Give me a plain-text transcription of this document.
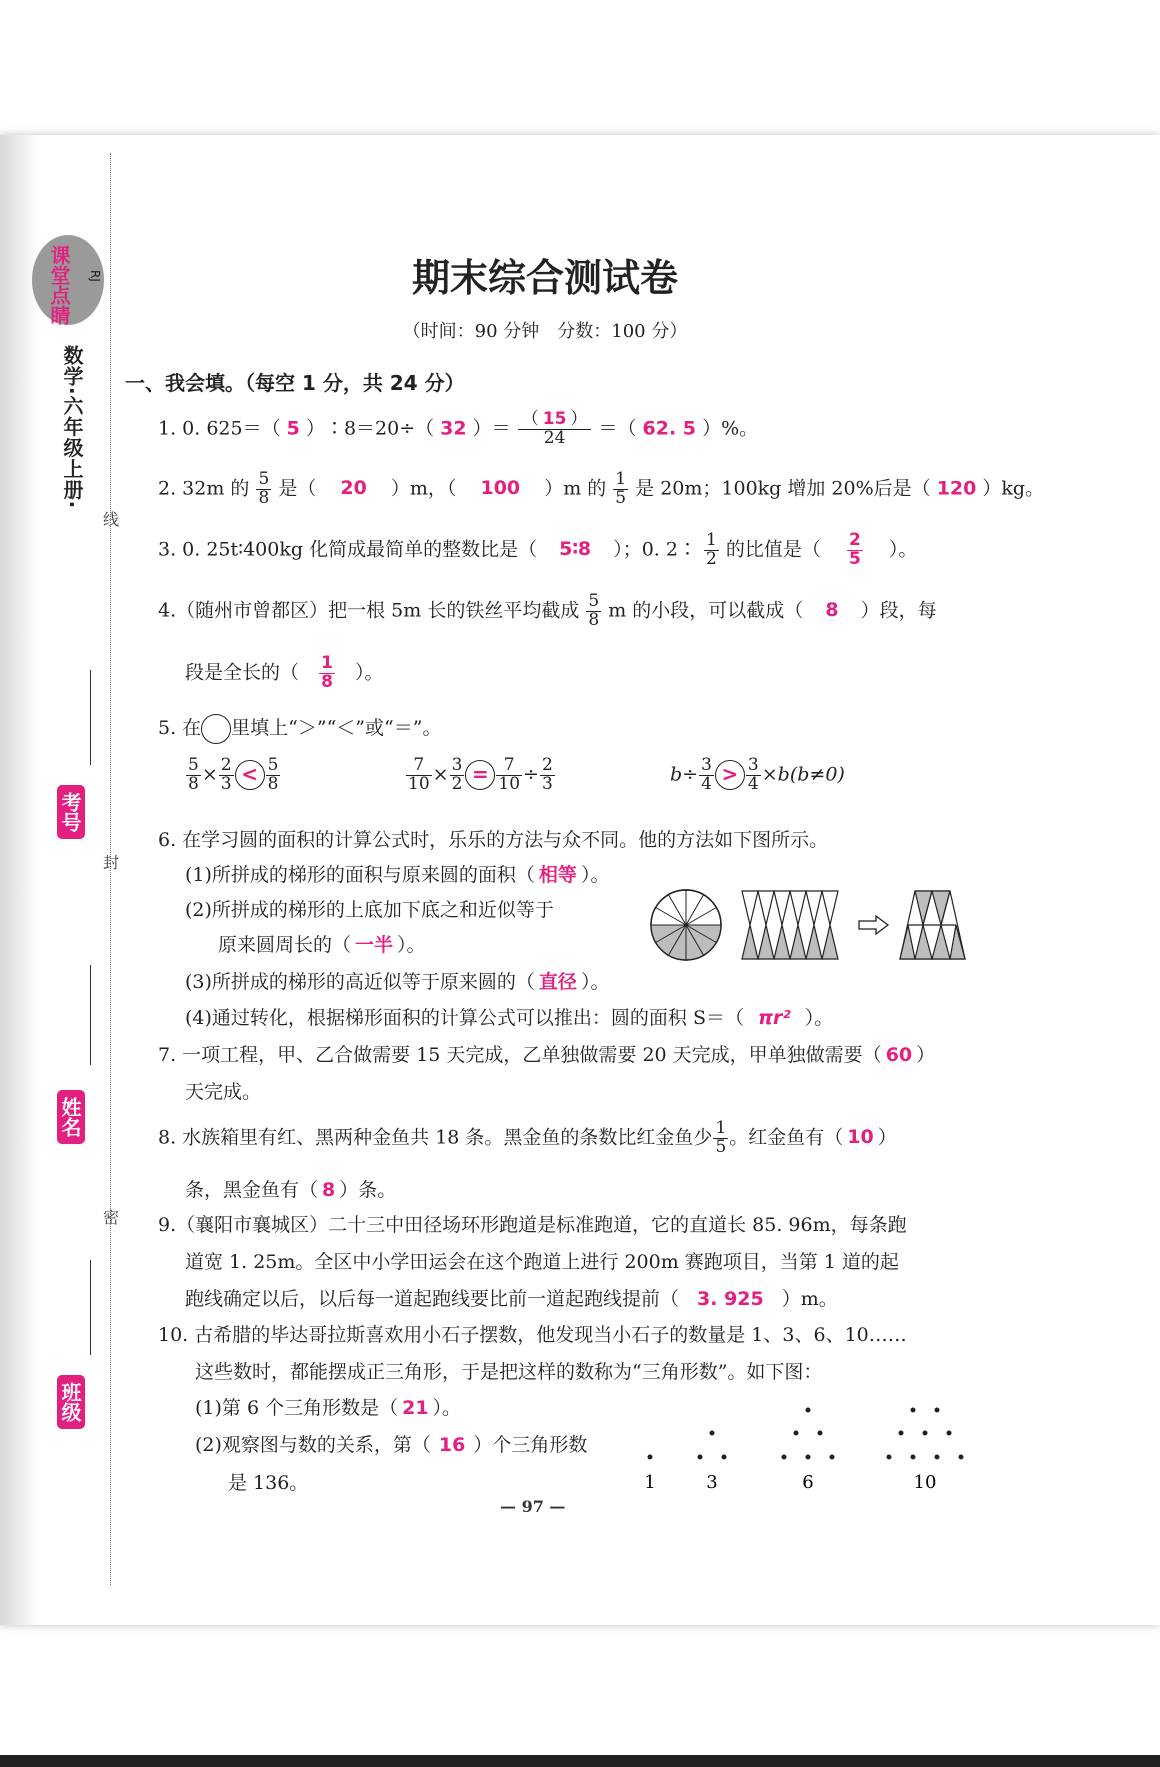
线
封
密
课堂点睛 RJ
数学·六年级上册·
考号
姓名
班级
期末综合测试卷
（时间：90 分钟　分数：100 分）
一、我会填。（每空 1 分，共 24 分）
1. 0. 625＝（ 5 ）∶8＝20÷（ 32 ）＝ $\frac{( 15 )}{24}$ ＝（ 62. 5 ）%。
2. 32m 的 $\frac{5}{8}$ 是（ 20 ）m，（ 100 ）m 的 $\frac{1}{5}$ 是 20m；100kg 增加 20%后是（ 120 ）kg。
3. 0. 25t∶400kg 化简成最简单的整数比是（ 5∶8 ）；0. 2∶ $\frac{1}{2}$ 的比值是（ $\frac{2}{5}$ ）。
4.（随州市曾都区）把一根 5m 长的铁丝平均截成 $\frac{5}{8}$ m 的小段，可以截成（ 8 ）段，每
段是全长的（ $\frac{1}{8}$ ）。
5. 在 里填上“＞”“＜”或“＝”。
$\frac{5}{8} \times \frac{2}{3} < \frac{5}{8}$	$\frac{7}{10} \times \frac{3}{2} = \frac{7}{10} \div \frac{2}{3}$	$b\div \frac{3}{4} > \frac{3}{4} \times b(b\ne 0)$
6. 在学习圆的面积的计算公式时，乐乐的方法与众不同。他的方法如下图所示。
(1)所拼成的梯形的面积与原来圆的面积（ 相等 ）。
(2)所拼成的梯形的上底加下底之和近似等于
原来圆周长的（ 一半 ）。
(3)所拼成的梯形的高近似等于原来圆的（ 直径 ）。
(4)通过转化，根据梯形面积的计算公式可以推出：圆的面积 S＝（ πr² ）。
7. 一项工程，甲、乙合做需要 15 天完成，乙单独做需要 20 天完成，甲单独做需要（ 60 ）
天完成。
8. 水族箱里有红、黑两种金鱼共 18 条。黑金鱼的条数比红金鱼少 $\frac{1}{5}$ 。红金鱼有（ 10 ）
条，黑金鱼有（ 8 ）条。
9.（襄阳市襄城区）二十三中田径场环形跑道是标准跑道，它的直道长 85. 96m，每条跑
道宽 1. 25m。全区中小学田运会在这个跑道上进行 200m 赛跑项目，当第 1 道的起
跑线确定以后，以后每一道起跑线要比前一道起跑线提前（ 3. 925 ）m。
10. 古希腊的毕达哥拉斯喜欢用小石子摆数，他发现当小石子的数量是 1、3、6、10……
这些数时，都能摆成正三角形，于是把这样的数称为“三角形数”。如下图：
(1)第 6 个三角形数是（ 21 ）。
(2)观察图与数的关系，第（ 16 ）个三角形数
是 136。	1	3	6	10
— 97 —
